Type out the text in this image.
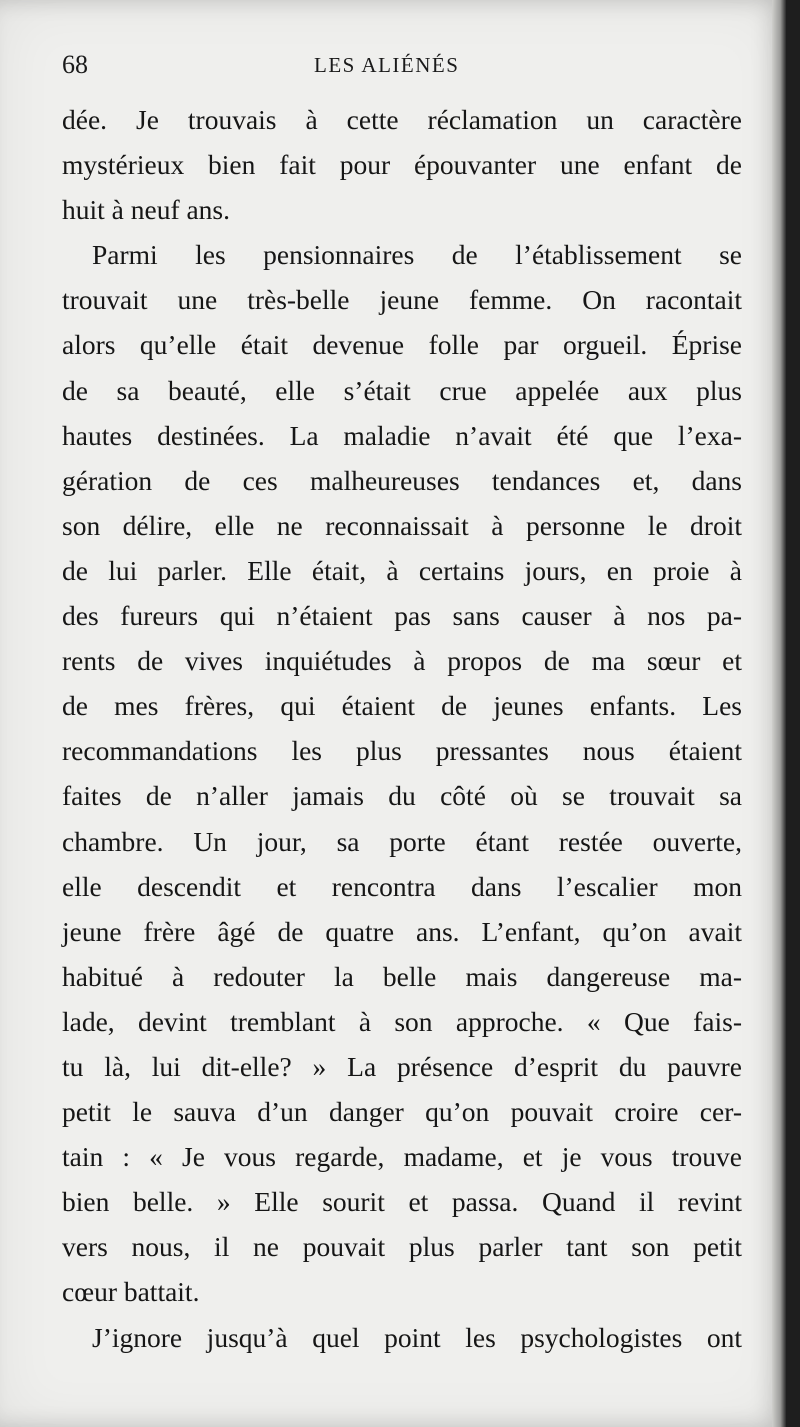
68	LES ALIÉNÉS
dée. Je trouvais à cette réclamation un caractère
mystérieux bien fait pour épouvanter une enfant de
huit à neuf ans.
Parmi les pensionnaires de l’établissement se
trouvait une très-belle jeune femme. On racontait
alors qu’elle était devenue folle par orgueil. Éprise
de sa beauté, elle s’était crue appelée aux plus
hautes destinées. La maladie n’avait été que l’exa-
gération de ces malheureuses tendances et, dans
son délire, elle ne reconnaissait à personne le droit
de lui parler. Elle était, à certains jours, en proie à
des fureurs qui n’étaient pas sans causer à nos pa-
rents de vives inquiétudes à propos de ma sœur et
de mes frères, qui étaient de jeunes enfants. Les
recommandations les plus pressantes nous étaient
faites de n’aller jamais du côté où se trouvait sa
chambre. Un jour, sa porte étant restée ouverte,
elle descendit et rencontra dans l’escalier mon
jeune frère âgé de quatre ans. L’enfant, qu’on avait
habitué à redouter la belle mais dangereuse ma-
lade, devint tremblant à son approche. « Que fais-
tu là, lui dit-elle? » La présence d’esprit du pauvre
petit le sauva d’un danger qu’on pouvait croire cer-
tain : « Je vous regarde, madame, et je vous trouve
bien belle. » Elle sourit et passa. Quand il revint
vers nous, il ne pouvait plus parler tant son petit
cœur battait.
J’ignore jusqu’à quel point les psychologistes ont
